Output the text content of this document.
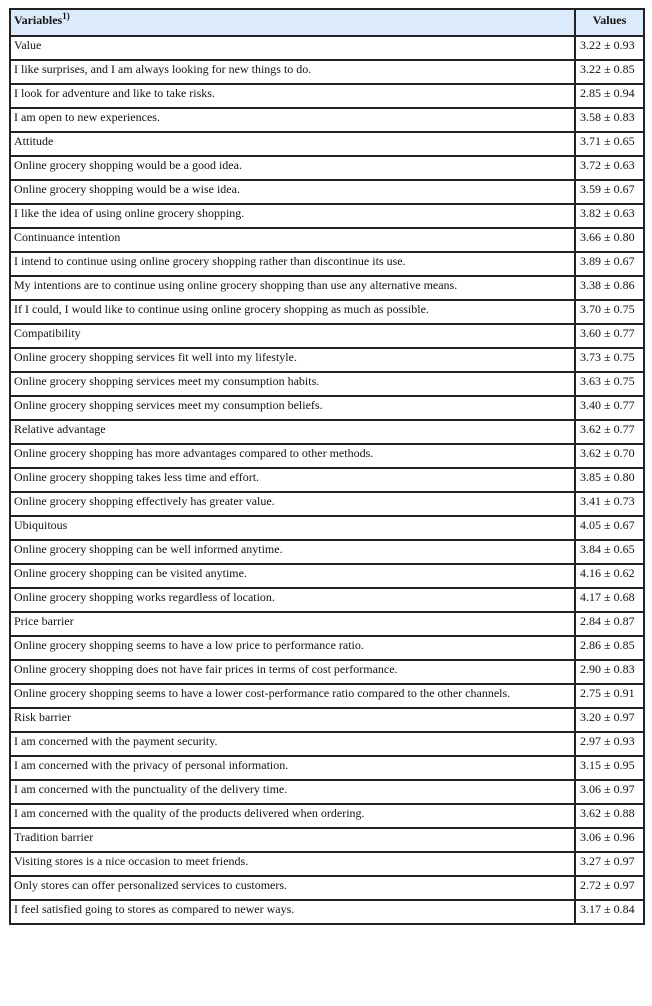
Variables$^{1)}$	Values
Value	3.22 ± 0.93
I like surprises, and I am always looking for new things to do.	3.22 ± 0.85
I look for adventure and like to take risks.	2.85 ± 0.94
I am open to new experiences.	3.58 ± 0.83
Attitude	3.71 ± 0.65
Online grocery shopping would be a good idea.	3.72 ± 0.63
Online grocery shopping would be a wise idea.	3.59 ± 0.67
I like the idea of using online grocery shopping.	3.82 ± 0.63
Continuance intention	3.66 ± 0.80
I intend to continue using online grocery shopping rather than discontinue its use.	3.89 ± 0.67
My intentions are to continue using online grocery shopping than use any alternative means.	3.38 ± 0.86
If I could, I would like to continue using online grocery shopping as much as possible.	3.70 ± 0.75
Compatibility	3.60 ± 0.77
Online grocery shopping services fit well into my lifestyle.	3.73 ± 0.75
Online grocery shopping services meet my consumption habits.	3.63 ± 0.75
Online grocery shopping services meet my consumption beliefs.	3.40 ± 0.77
Relative advantage	3.62 ± 0.77
Online grocery shopping has more advantages compared to other methods.	3.62 ± 0.70
Online grocery shopping takes less time and effort.	3.85 ± 0.80
Online grocery shopping effectively has greater value.	3.41 ± 0.73
Ubiquitous	4.05 ± 0.67
Online grocery shopping can be well informed anytime.	3.84 ± 0.65
Online grocery shopping can be visited anytime.	4.16 ± 0.62
Online grocery shopping works regardless of location.	4.17 ± 0.68
Price barrier	2.84 ± 0.87
Online grocery shopping seems to have a low price to performance ratio.	2.86 ± 0.85
Online grocery shopping does not have fair prices in terms of cost performance.	2.90 ± 0.83
Online grocery shopping seems to have a lower cost-performance ratio compared to the other channels.	2.75 ± 0.91
Risk barrier	3.20 ± 0.97
I am concerned with the payment security.	2.97 ± 0.93
I am concerned with the privacy of personal information.	3.15 ± 0.95
I am concerned with the punctuality of the delivery time.	3.06 ± 0.97
I am concerned with the quality of the products delivered when ordering.	3.62 ± 0.88
Tradition barrier	3.06 ± 0.96
Visiting stores is a nice occasion to meet friends.	3.27 ± 0.97
Only stores can offer personalized services to customers.	2.72 ± 0.97
I feel satisfied going to stores as compared to newer ways.	3.17 ± 0.84
